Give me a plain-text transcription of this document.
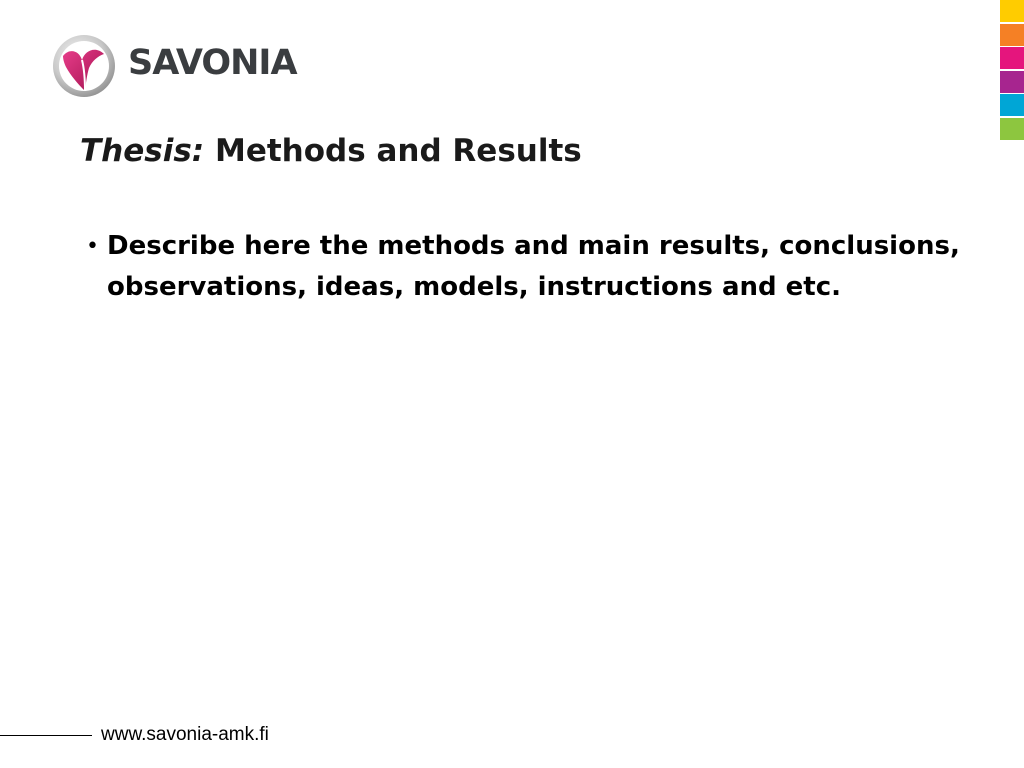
SAVONIA
Thesis: Methods and Results
• Describe here the methods and main results, conclusions, observations, ideas, models, instructions and etc.
www.savonia-amk.fi
